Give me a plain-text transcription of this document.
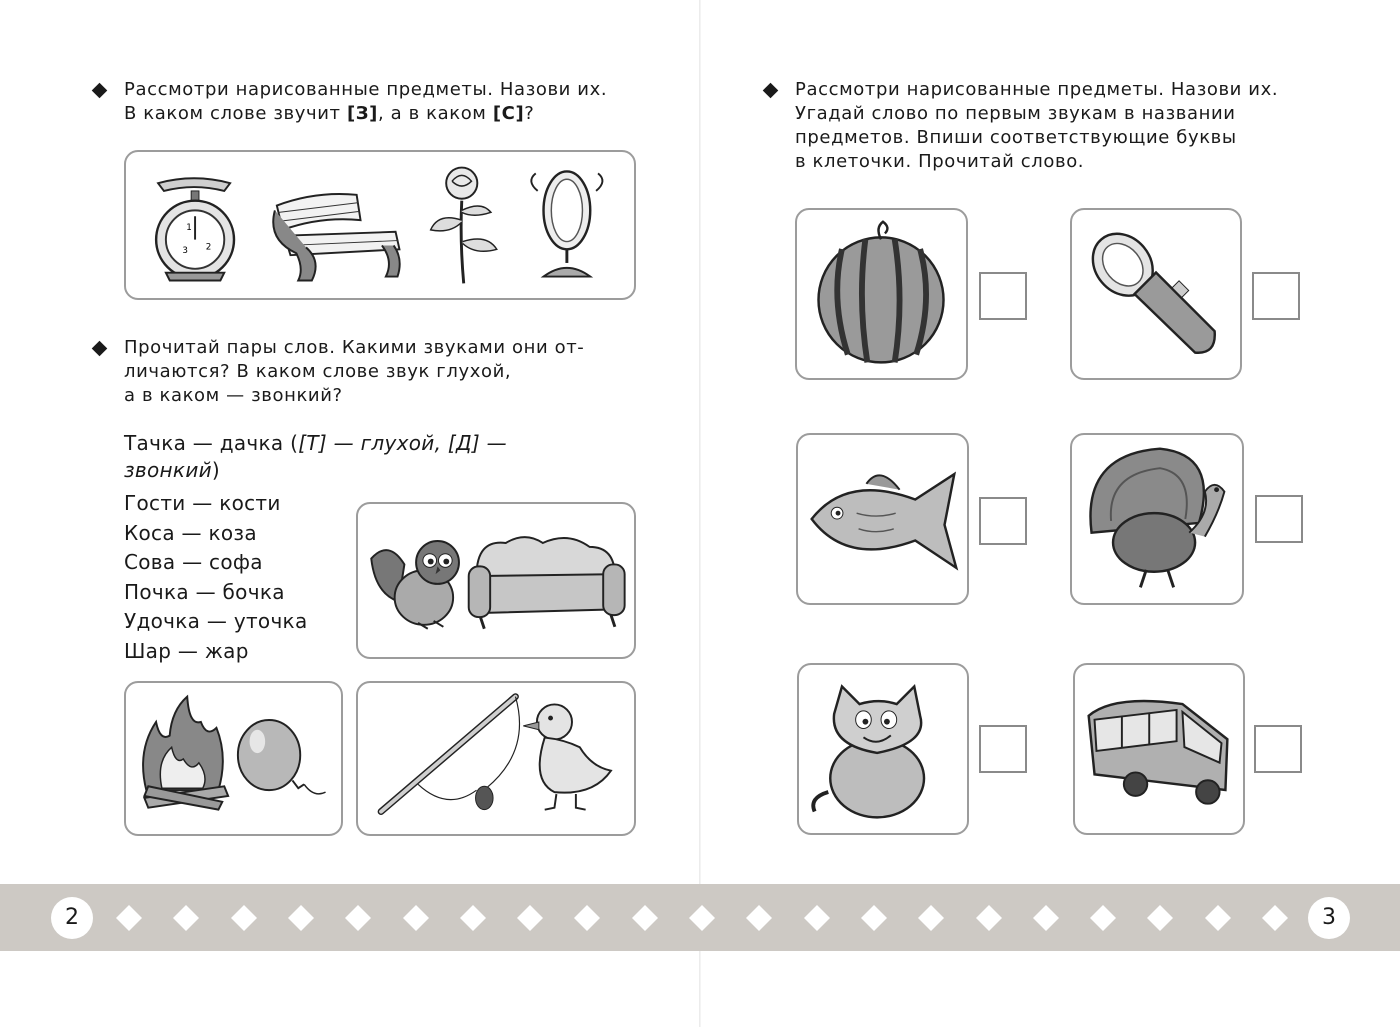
Рассмотри нарисованные предметы. Назови их.
В каком слове звучит [З], а в каком [С]?

1
2
3

Прочитай пары слов. Какими звуками они от-
личаются? В каком слове звук глухой,
а в каком — звонкий?

Тачка — дачка ([Т] — глухой, [Д] —
звонкий)
Гости — кости
Коса — коза
Сова — софа
Почка — бочка
Удочка — уточка
Шар — жар

Рассмотри нарисованные предметы. Назови их.
Угадай слово по первым звукам в названии
предметов. Впиши соответствующие буквы
в клеточки. Прочитай слово.

2	3
